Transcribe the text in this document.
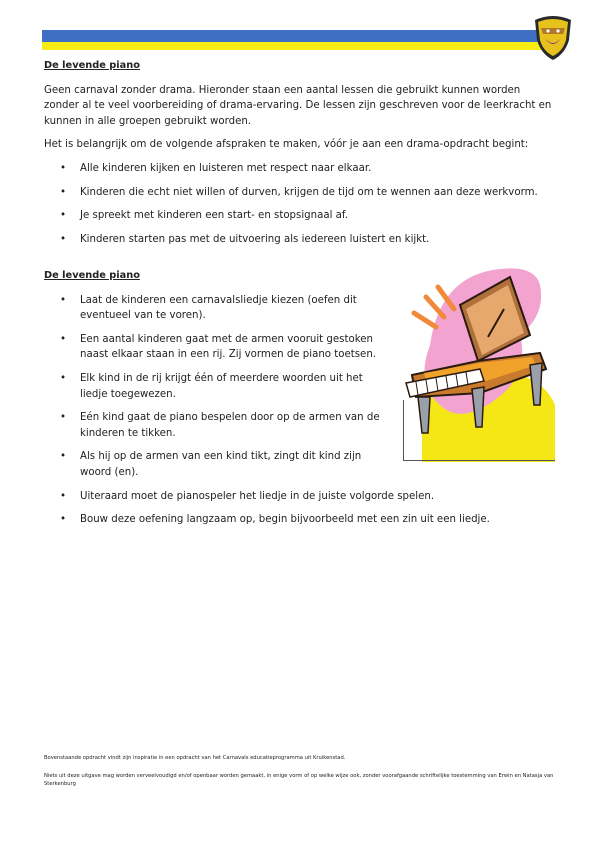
De levende piano

Geen carnaval zonder drama. Hieronder staan een aantal lessen die gebruikt kunnen worden zonder al te veel voorbereiding of drama-ervaring. De lessen zijn geschreven voor de leerkracht en kunnen in alle groepen gebruikt worden.

Het is belangrijk om de volgende afspraken te maken, vóór je aan een drama-opdracht begint:

• Alle kinderen kijken en luisteren met respect naar elkaar.
• Kinderen die echt niet willen of durven, krijgen de tijd om te wennen aan deze werkvorm.
• Je spreekt met kinderen een start- en stopsignaal af.
• Kinderen starten pas met de uitvoering als iedereen luistert en kijkt.

De levende piano

• Laat de kinderen een carnavalsliedje kiezen (oefen dit eventueel van te voren).
• Een aantal kinderen gaat met de armen vooruit gestoken naast elkaar staan in een rij. Zij vormen de piano toetsen.
• Elk kind in de rij krijgt één of meerdere woorden uit het liedje toegewezen.
• Eén kind gaat de piano bespelen door op de armen van de kinderen te tikken.
• Als hij op de armen van een kind tikt, zingt dit kind zijn woord (en).
• Uiteraard moet de pianospeler het liedje in de juiste volgorde spelen.
• Bouw deze oefening langzaam op, begin bijvoorbeeld met een zin uit een liedje.
Bovenstaande opdracht vindt zijn inspiratie in een opdracht van het Carnavals educatieprogramma uit Kruikenstad.
Niets uit deze uitgave mag worden verveelvoudigd en/of openbaar worden gemaakt, in enige vorm of op welke wijze ook, zonder voorafgaande schriftelijke toestemming van Erwin en Natasja van Sterkenburg
